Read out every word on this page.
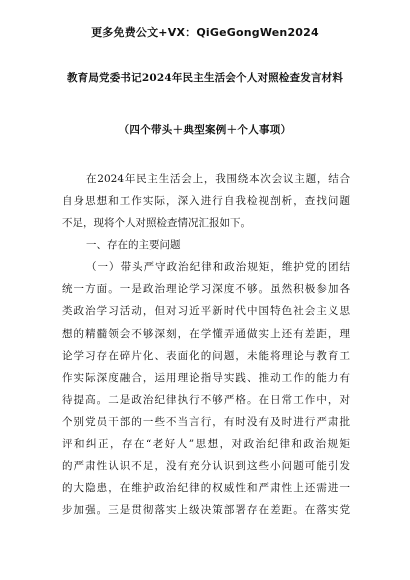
更多免费公文+VX：QiGeGongWen2024
教育局党委书记2024年民主生活会个人对照检查发言材料
（四个带头＋典型案例＋个人事项）
在2024年民主生活会上，我围绕本次会议主题，结合
自身思想和工作实际，深入进行自我检视剖析，查找问题
不足，现将个人对照检查情况汇报如下。
一、存在的主要问题
（一）带头严守政治纪律和政治规矩，维护党的团结
统一方面。一是政治理论学习深度不够。虽然积极参加各
类政治学习活动，但对习近平新时代中国特色社会主义思
想的精髓领会不够深刻，在学懂弄通做实上还有差距，理
论学习存在碎片化、表面化的问题，未能将理论与教育工
作实际深度融合，运用理论指导实践、推动工作的能力有
待提高。二是政治纪律执行不够严格。在日常工作中，对
个别党员干部的一些不当言行，有时没有及时进行严肃批
评和纠正，存在“老好人”思想，对政治纪律和政治规矩
的严肃性认识不足，没有充分认识到这些小问题可能引发
的大隐患，在维护政治纪律的权威性和严肃性上还需进一
步加强。三是贯彻落实上级决策部署存在差距。在落实党
